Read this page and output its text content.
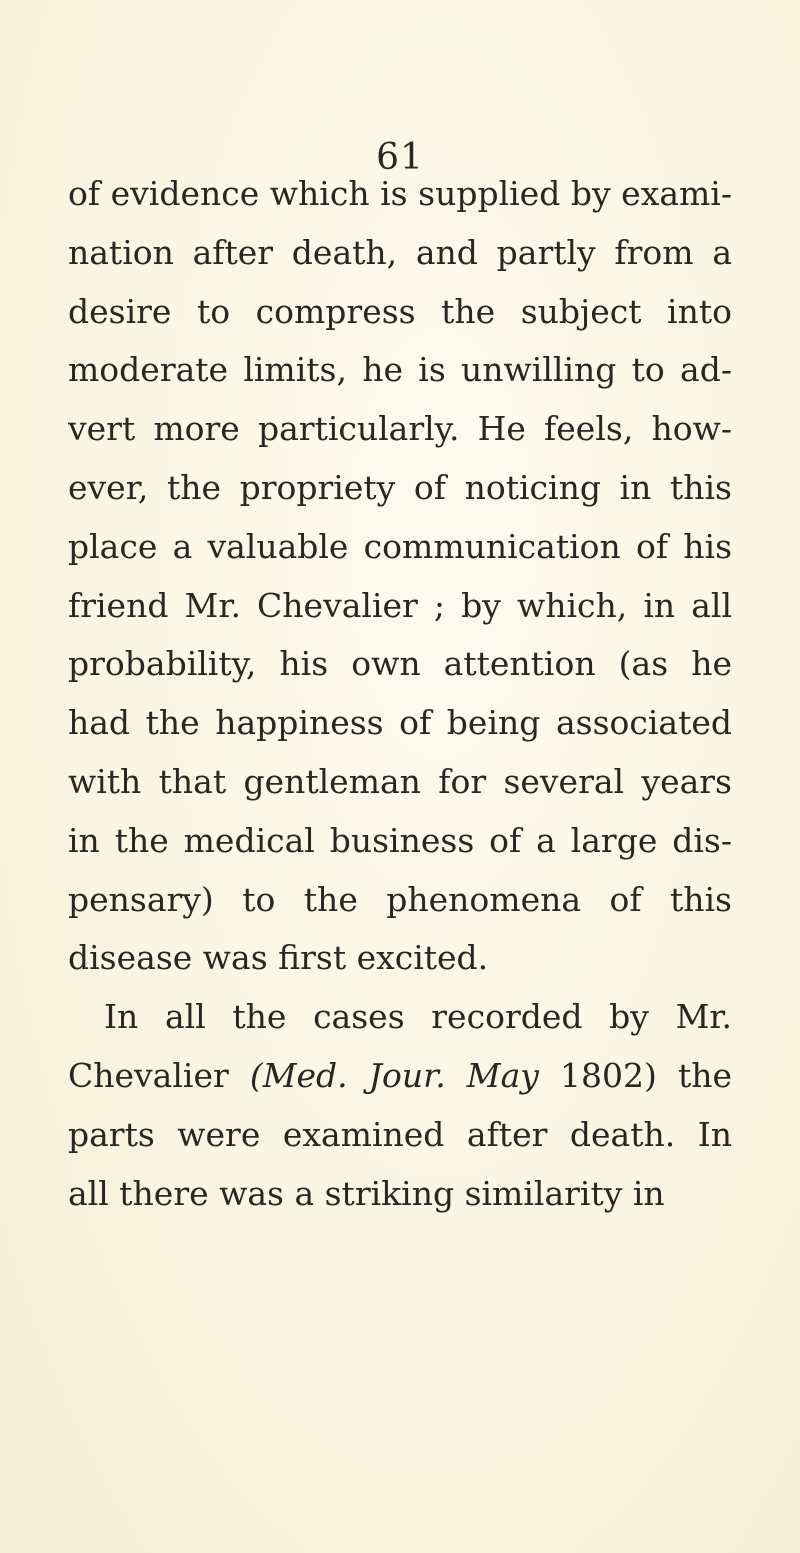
61
of evidence which is supplied by exami-
nation after death, and partly from a
desire to compress the subject into
moderate limits, he is unwilling to ad-
vert more particularly. He feels, how-
ever, the propriety of noticing in this
place a valuable communication of his
friend Mr. Chevalier ; by which, in all
probability, his own attention (as he
had the happiness of being associated
with that gentleman for several years
in the medical business of a large dis-
pensary) to the phenomena of this
disease was first excited.
In all the cases recorded by Mr.
Chevalier (Med. Jour. May 1802) the
parts were examined after death. In
all there was a striking similarity in
